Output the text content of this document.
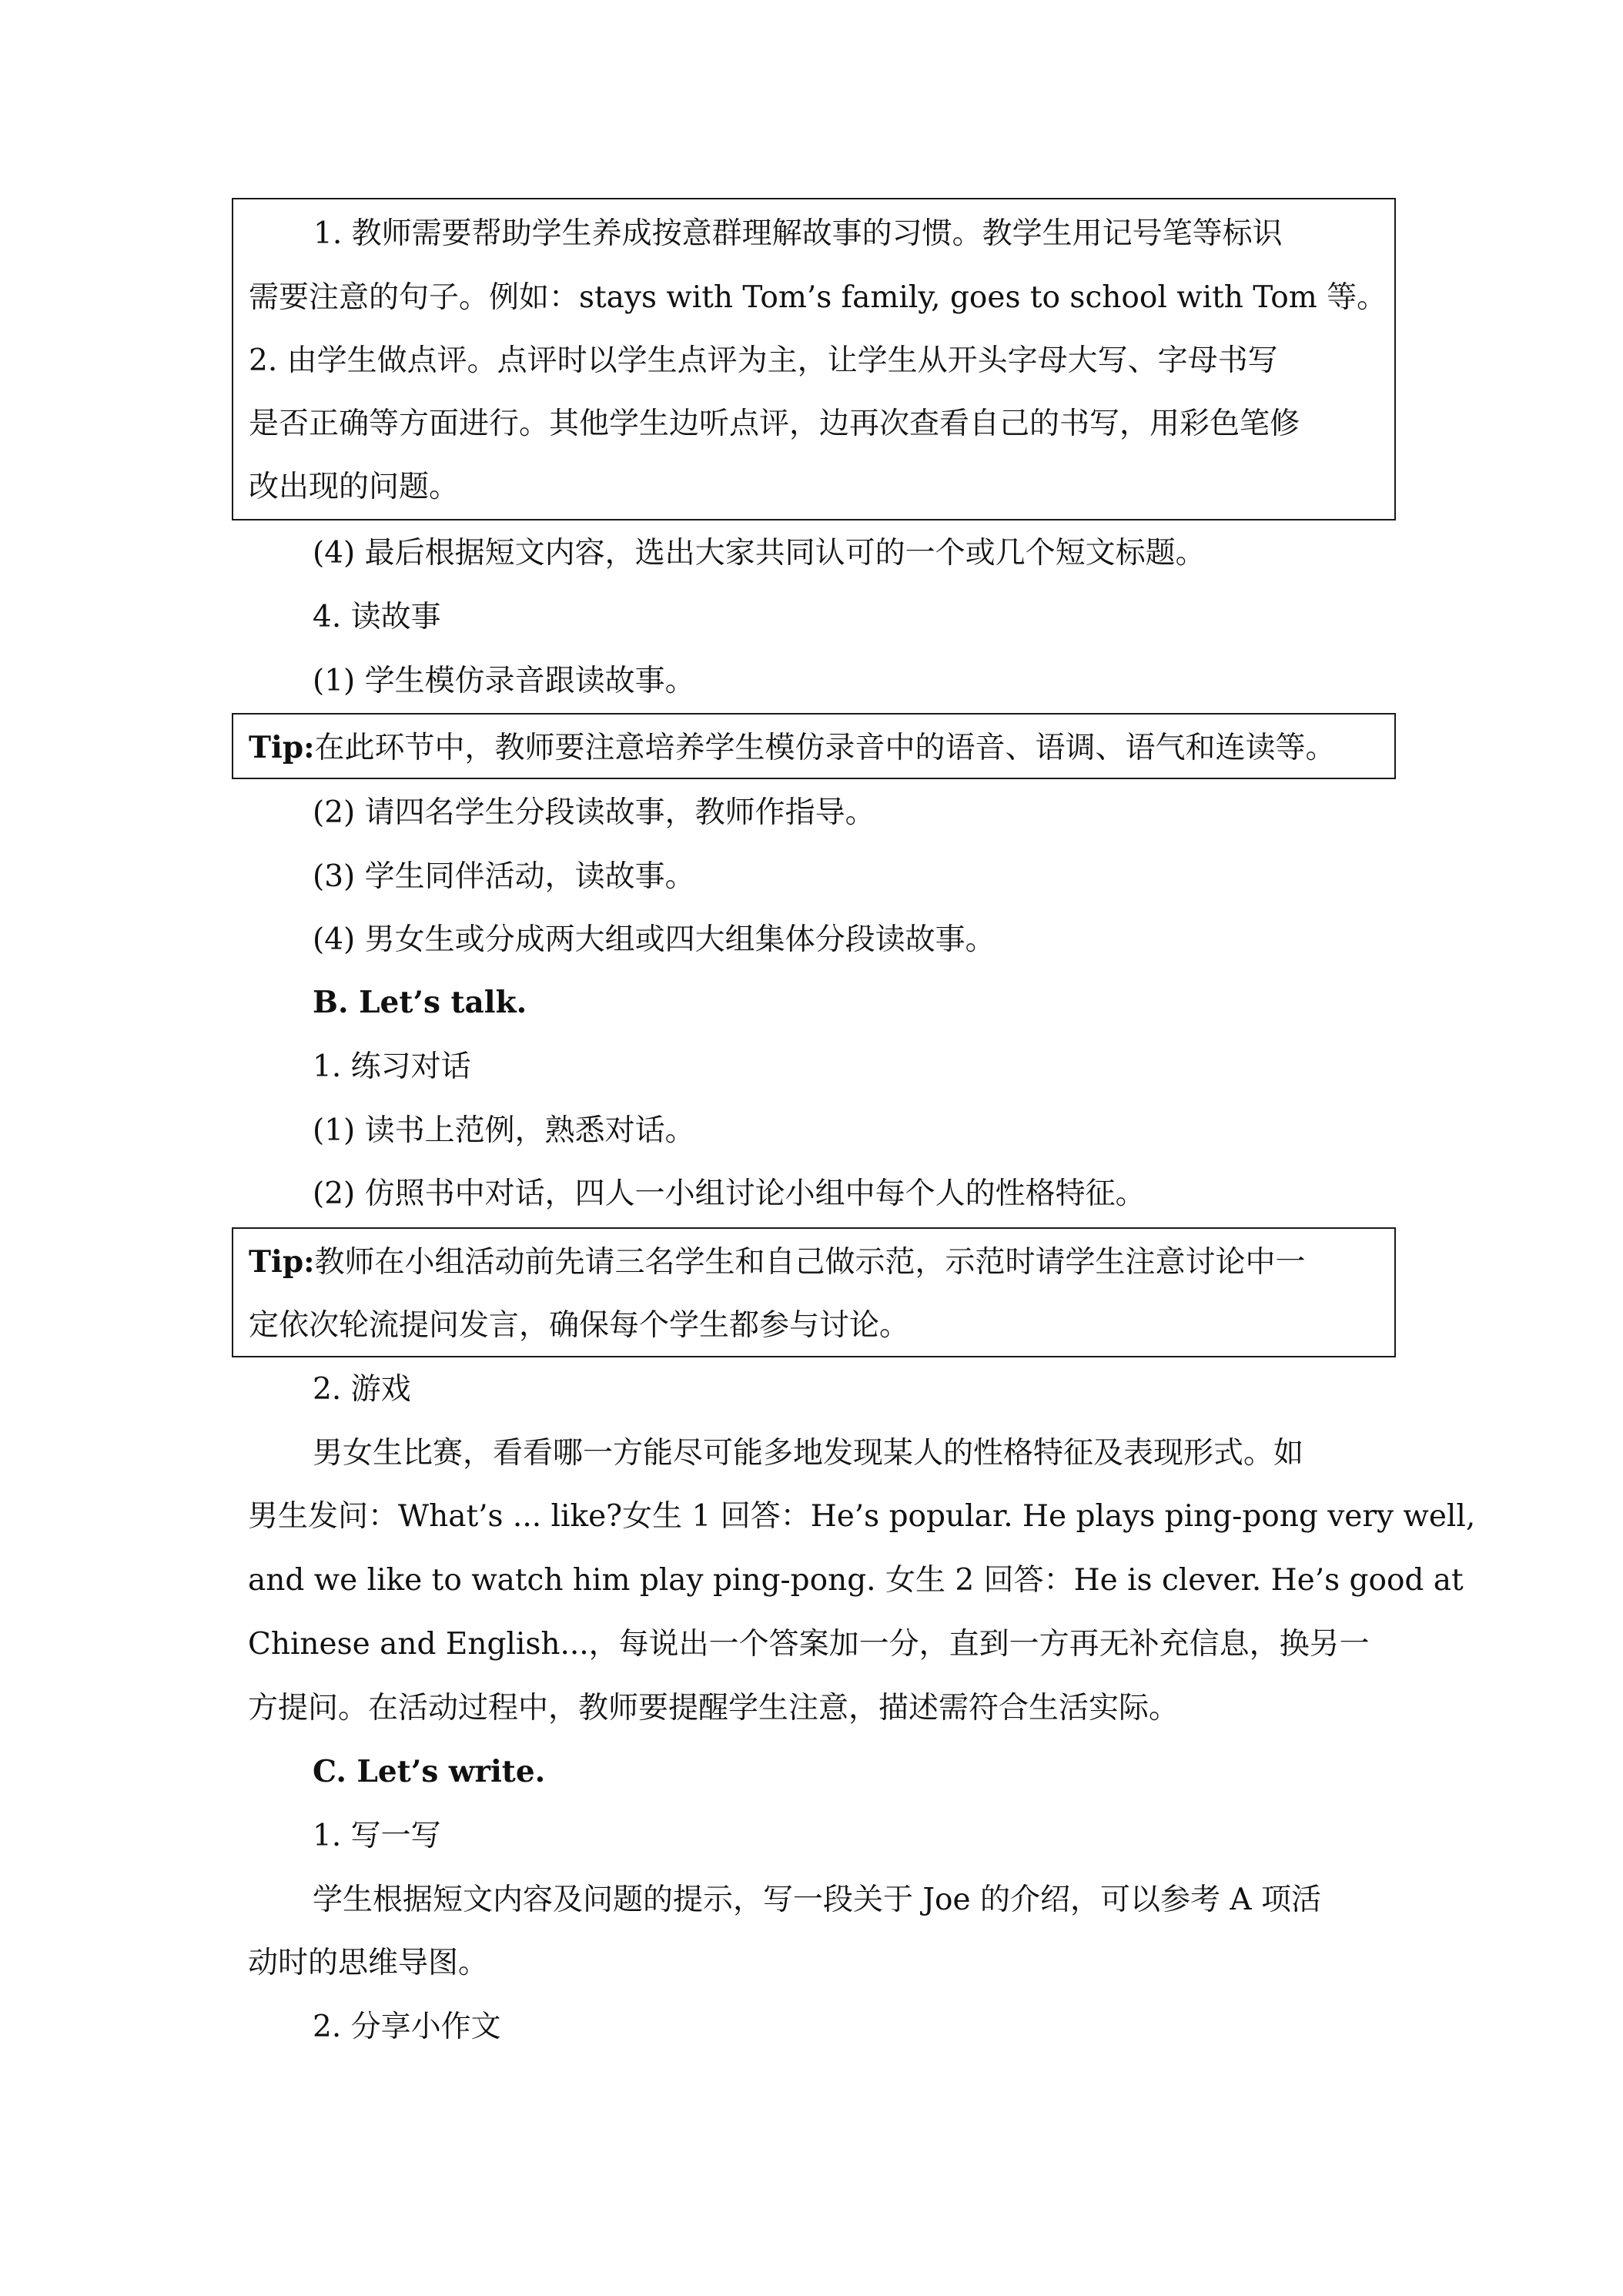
1. 教师需要帮助学生养成按意群理解故事的习惯。教学生用记号笔等标识

需要注意的句子。例如：stays with Tom’s family, goes to school with Tom 等。

2. 由学生做点评。点评时以学生点评为主，让学生从开头字母大写、字母书写

是否正确等方面进行。其他学生边听点评，边再次查看自己的书写，用彩色笔修

改出现的问题。

(4) 最后根据短文内容，选出大家共同认可的一个或几个短文标题。

4. 读故事

(1) 学生模仿录音跟读故事。

Tip:在此环节中，教师要注意培养学生模仿录音中的语音、语调、语气和连读等。

(2) 请四名学生分段读故事，教师作指导。

(3) 学生同伴活动，读故事。

(4) 男女生或分成两大组或四大组集体分段读故事。

B. Let’s talk.

1. 练习对话

(1) 读书上范例，熟悉对话。

(2) 仿照书中对话，四人一小组讨论小组中每个人的性格特征。

Tip:教师在小组活动前先请三名学生和自己做示范，示范时请学生注意讨论中一

定依次轮流提问发言，确保每个学生都参与讨论。

2. 游戏

男女生比赛，看看哪一方能尽可能多地发现某人的性格特征及表现形式。如

男生发问：What’s ... like?女生 1 回答：He’s popular. He plays ping-pong very well,

and we like to watch him play ping-pong. 女生 2 回答：He is clever. He’s good at

Chinese and English...，每说出一个答案加一分，直到一方再无补充信息，换另一

方提问。在活动过程中，教师要提醒学生注意，描述需符合生活实际。

C. Let’s write.

1. 写一写

学生根据短文内容及问题的提示，写一段关于 Joe 的介绍，可以参考 A 项活

动时的思维导图。

2. 分享小作文
